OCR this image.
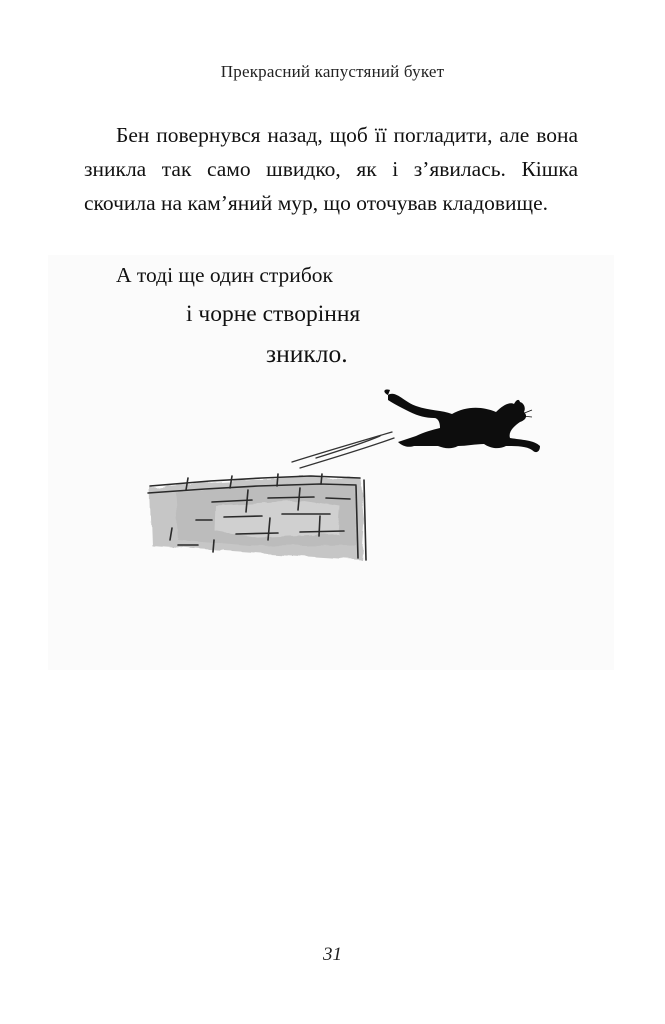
Прекрасний капустяний букет

Бен повернувся назад, щоб її погладити, але вона зникла так само швидко, як і з’явилась. Кішка скочила на кам’яний мур, що оточував кладовище.

А тоді ще один стрибок
і чорне створіння
зникло.
31
